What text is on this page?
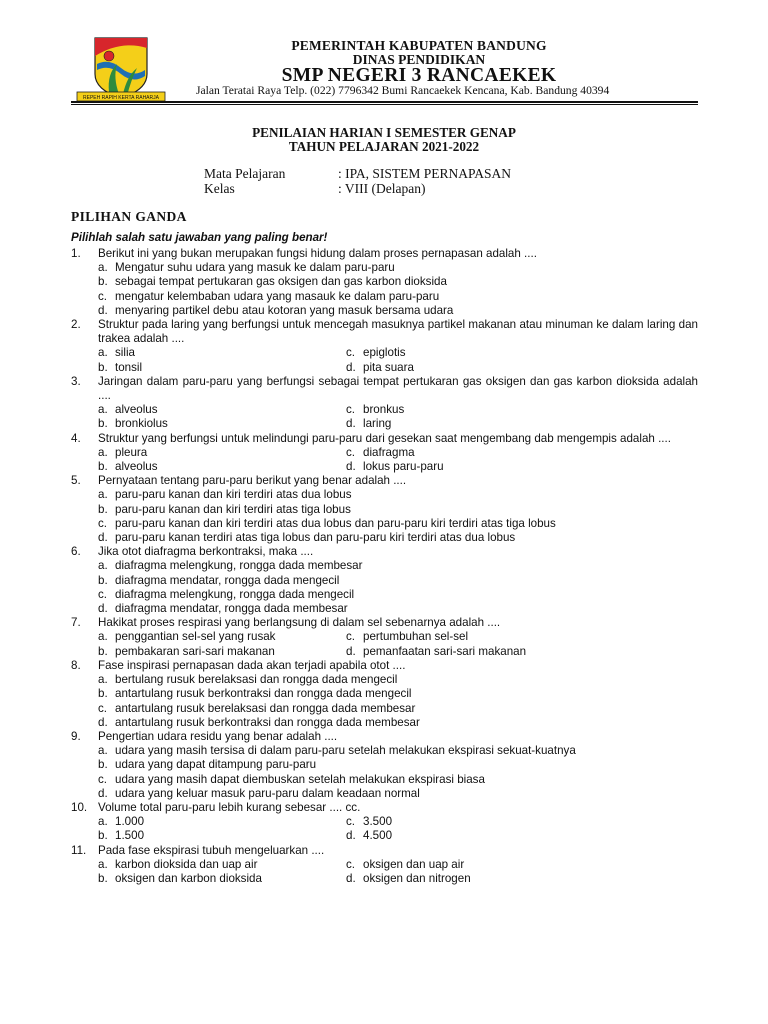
REPEH RAPIH KERTA RAHARJA
PEMERINTAH KABUPATEN BANDUNG
DINAS PENDIDIKAN
SMP NEGERI 3 RANCAEKEK

Jalan Teratai Raya Telp. (022) 7796342 Bumi Rancaekek Kencana, Kab. Bandung 40394

PENILAIAN HARIAN I SEMESTER GENAP

TAHUN PELAJARAN 2021-2022

Mata Pelajaran	: IPA, SISTEM PERNAPASAN
Kelas	: VIII (Delapan)

PILIHAN GANDA

Pilihlah salah satu jawaban yang paling benar!

1. Berikut ini yang bukan merupakan fungsi hidung dalam proses pernapasan adalah ....

a. Mengatur suhu udara yang masuk ke dalam paru-paru
b. sebagai tempat pertukaran gas oksigen dan gas karbon dioksida
c. mengatur kelembaban udara yang masauk ke dalam paru-paru
d. menyaring partikel debu atau kotoran yang masuk bersama udara
2. Struktur pada laring yang berfungsi untuk mencegah masuknya partikel makanan atau minuman ke dalam laring dan trakea adalah ....

a. silia	c. epiglotis
b. tonsil	d. pita suara
3. Jaringan dalam paru-paru yang berfungsi sebagai tempat pertukaran gas oksigen dan gas karbon dioksida adalah ....

a. alveolus	c. bronkus
b. bronkiolus	d. laring
4. Struktur yang berfungsi untuk melindungi paru-paru dari gesekan saat mengembang dab mengempis adalah ....

a. pleura	c. diafragma
b. alveolus	d. lokus paru-paru
5. Pernyataan tentang paru-paru berikut yang benar adalah ....

a. paru-paru kanan dan kiri terdiri atas dua lobus
b. paru-paru kanan dan kiri terdiri atas tiga lobus
c. paru-paru kanan dan kiri terdiri atas dua lobus dan paru-paru kiri terdiri atas tiga lobus
d. paru-paru kanan terdiri atas tiga lobus dan paru-paru kiri terdiri atas dua lobus
6. Jika otot diafragma berkontraksi, maka ....

a. diafragma melengkung, rongga dada membesar
b. diafragma mendatar, rongga dada mengecil
c. diafragma melengkung, rongga dada mengecil
d. diafragma mendatar, rongga dada membesar
7. Hakikat proses respirasi yang berlangsung di dalam sel sebenarnya adalah ....

a. penggantian sel-sel yang rusak	c. pertumbuhan sel-sel
b. pembakaran sari-sari makanan	d. pemanfaatan sari-sari makanan
8. Fase inspirasi pernapasan dada akan terjadi apabila otot ....

a. bertulang rusuk berelaksasi dan rongga dada mengecil
b. antartulang rusuk berkontraksi dan rongga dada mengecil
c. antartulang rusuk berelaksasi dan rongga dada membesar
d. antartulang rusuk berkontraksi dan rongga dada membesar
9. Pengertian udara residu yang benar adalah ....

a. udara yang masih tersisa di dalam paru-paru setelah melakukan ekspirasi sekuat-kuatnya
b. udara yang dapat ditampung paru-paru
c. udara yang masih dapat diembuskan setelah melakukan ekspirasi biasa
d. udara yang keluar masuk paru-paru dalam keadaan normal
10. Volume total paru-paru lebih kurang sebesar .... cc.

a. 1.000	c. 3.500
b. 1.500	d. 4.500
11. Pada fase ekspirasi tubuh mengeluarkan ....

a. karbon dioksida dan uap air	c. oksigen dan uap air
b. oksigen dan karbon dioksida	d. oksigen dan nitrogen
